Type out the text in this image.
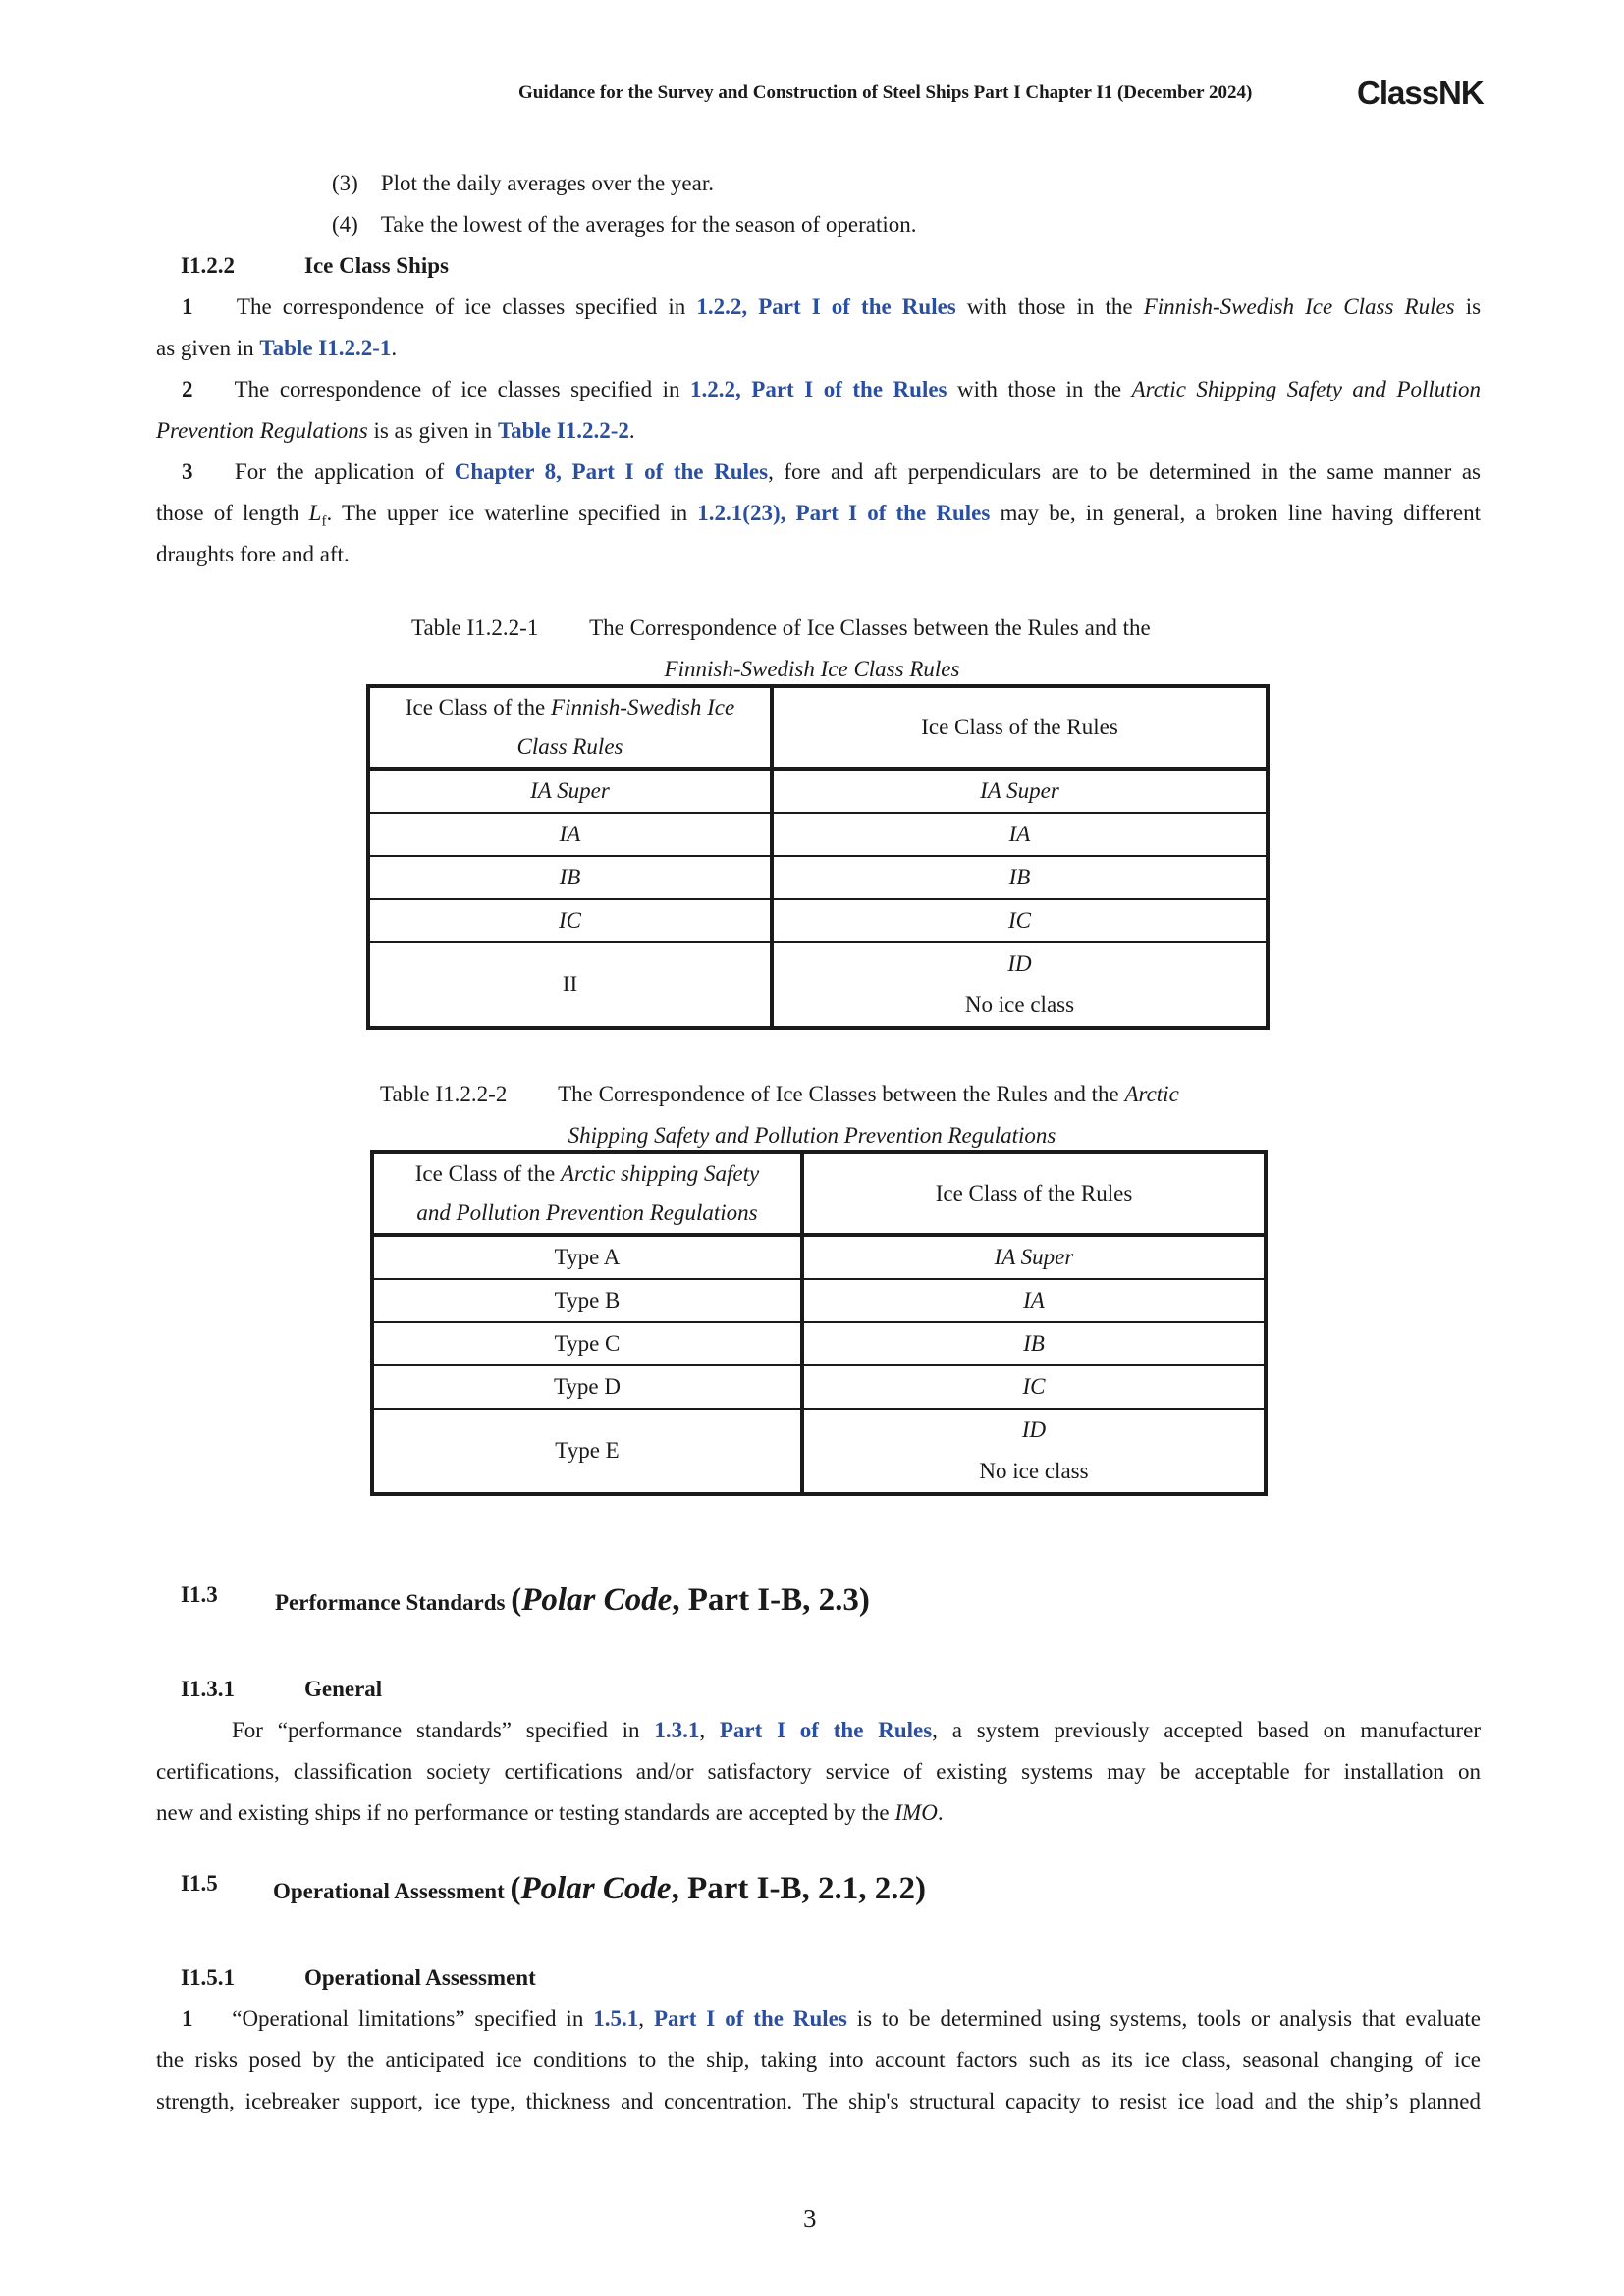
Guidance for the Survey and Construction of Steel Ships Part I Chapter I1 (December 2024)	ClassNK
(3) Plot the daily averages over the year.
(4) Take the lowest of the averages for the season of operation.
I1.2.2	Ice Class Ships
1 The correspondence of ice classes specified in 1.2.2, Part I of the Rules with those in the Finnish-Swedish Ice Class Rules is
as given in Table I1.2.2-1.
2 The correspondence of ice classes specified in 1.2.2, Part I of the Rules with those in the Arctic Shipping Safety and Pollution
Prevention Regulations is as given in Table I1.2.2-2.
3 For the application of Chapter 8, Part I of the Rules, fore and aft perpendiculars are to be determined in the same manner as
those of length $L_f$. The upper ice waterline specified in 1.2.1(23), Part I of the Rules may be, in general, a broken line having different
draughts fore and aft.
Table I1.2.2-1 The Correspondence of Ice Classes between the Rules and the
Finnish-Swedish Ice Class Rules
Ice Class of the Finnish-Swedish Ice
Class Rules	Ice Class of the Rules
IA Super	IA Super
IA	IA
IB	IB
IC	IC
II	ID
No ice class
Table I1.2.2-2 The Correspondence of Ice Classes between the Rules and the Arctic
Shipping Safety and Pollution Prevention Regulations
Ice Class of the Arctic shipping Safety
and Pollution Prevention Regulations	Ice Class of the Rules
Type A	IA Super
Type B	IA
Type C	IB
Type D	IC
Type E	ID
No ice class
I1.3	Performance Standards (Polar Code, Part I-B, 2.3)
I1.3.1	General
For “performance standards” specified in 1.3.1, Part I of the Rules, a system previously accepted based on manufacturer
certifications, classification society certifications and/or satisfactory service of existing systems may be acceptable for installation on
new and existing ships if no performance or testing standards are accepted by the IMO.
I1.5 Operational Assessment (Polar Code, Part I-B, 2.1, 2.2)
I1.5.1	Operational Assessment
1 “Operational limitations” specified in 1.5.1, Part I of the Rules is to be determined using systems, tools or analysis that evaluate
the risks posed by the anticipated ice conditions to the ship, taking into account factors such as its ice class, seasonal changing of ice
strength, icebreaker support, ice type, thickness and concentration. The ship's structural capacity to resist ice load and the ship’s planned
3
